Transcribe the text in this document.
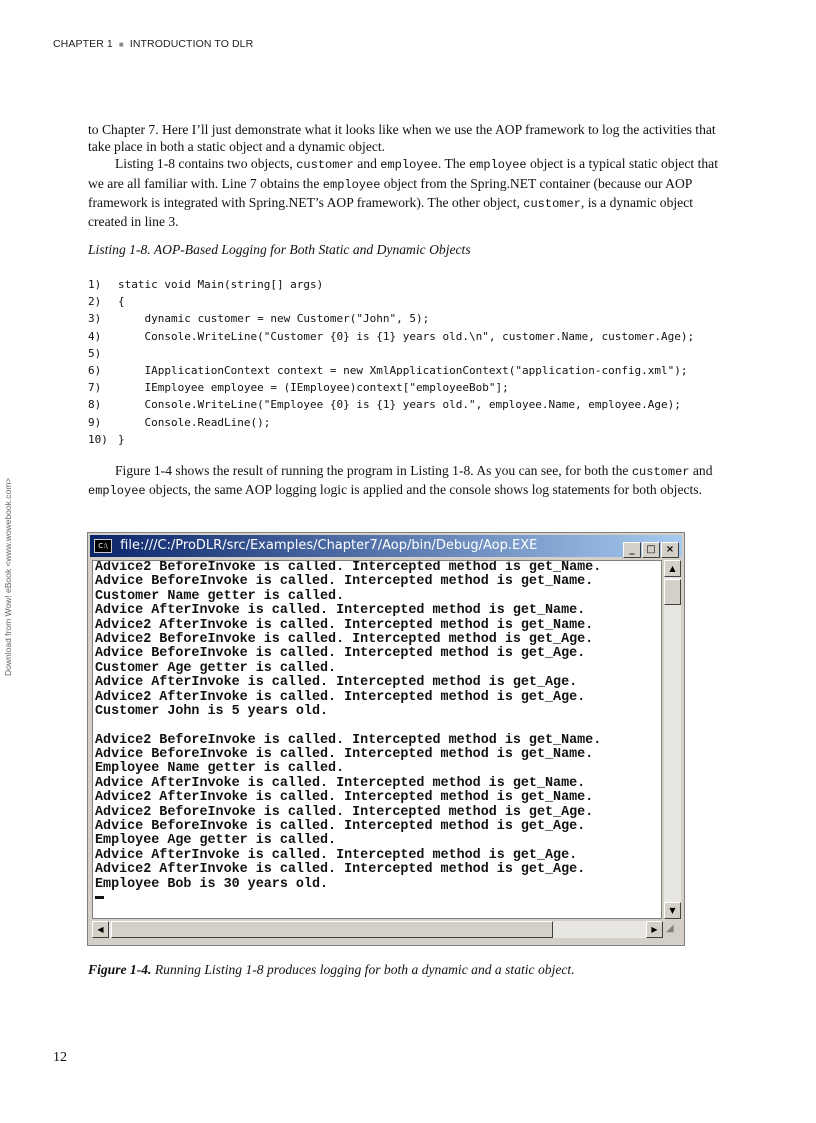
CHAPTER 1 ■ INTRODUCTION TO DLR
Download from Wow! eBook <www.wowebook.com>

to Chapter 7. Here I’ll just demonstrate what it looks like when we use the AOP framework to log the activities that take place in both a static object and a dynamic object.

Listing 1-8 contains two objects, customer and employee. The employee object is a typical static object that we are all familiar with. Line 7 obtains the employee object from the Spring.NET container (because our AOP framework is integrated with Spring.NET’s AOP framework). The other object, customer, is a dynamic object created in line 3.

Listing 1-8. AOP-Based Logging for Both Static and Dynamic Objects
1) static void Main(string[] args)
2) {
3)    dynamic customer = new Customer("John", 5);
4)    Console.WriteLine("Customer {0} is {1} years old.\n", customer.Name, customer.Age);
5)
6)    IApplicationContext context = new XmlApplicationContext("application-config.xml");
7)    IEmployee employee = (IEmployee)context["employeeBob"];
8)    Console.WriteLine("Employee {0} is {1} years old.", employee.Name, employee.Age);
9)    Console.ReadLine();
10) }
Figure 1-4 shows the result of running the program in Listing 1-8. As you can see, for both the customer and employee objects, the same AOP logging logic is applied and the console shows log statements for both objects.
C:\ file:///C:/ProDLR/src/Examples/Chapter7/Aop/bin/Debug/Aop.EXE	_ □ ×
Advice2 BeforeInvoke is called. Intercepted method is get_Name.
Advice BeforeInvoke is called. Intercepted method is get_Name.
Customer Name getter is called.
Advice AfterInvoke is called. Intercepted method is get_Name.
Advice2 AfterInvoke is called. Intercepted method is get_Name.
Advice2 BeforeInvoke is called. Intercepted method is get_Age.
Advice BeforeInvoke is called. Intercepted method is get_Age.
Customer Age getter is called.
Advice AfterInvoke is called. Intercepted method is get_Age.
Advice2 AfterInvoke is called. Intercepted method is get_Age.
Customer John is 5 years old.
Advice2 BeforeInvoke is called. Intercepted method is get_Name.
Advice BeforeInvoke is called. Intercepted method is get_Name.
Employee Name getter is called.
Advice AfterInvoke is called. Intercepted method is get_Name.
Advice2 AfterInvoke is called. Intercepted method is get_Name.
Advice2 BeforeInvoke is called. Intercepted method is get_Age.
Advice BeforeInvoke is called. Intercepted method is get_Age.
Employee Age getter is called.
Advice AfterInvoke is called. Intercepted method is get_Age.
Advice2 AfterInvoke is called. Intercepted method is get_Age.
Employee Bob is 30 years old.
▲
▼
◀	▶ ◢
Figure 1-4. Running Listing 1-8 produces logging for both a dynamic and a static object.
12
